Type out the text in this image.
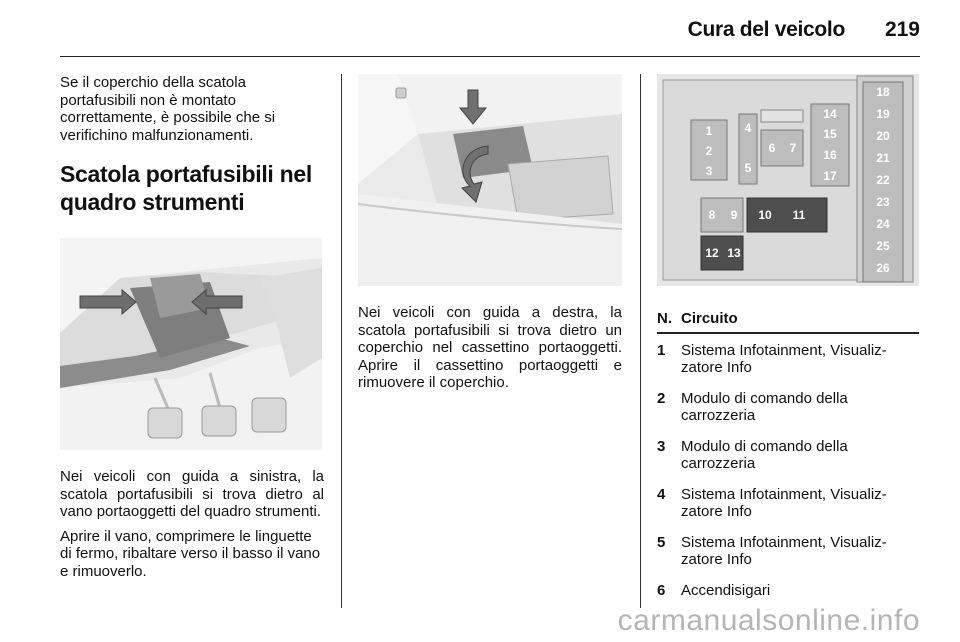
Cura del veicolo 219

Se il coperchio della scatola portafusibili non è montato correttamente, è possibile che si verifichino malfunzionamenti.

Scatola portafusibili nel
quadro strumenti

Nei veicoli con guida a sinistra, la scatola portafusibili si trova dietro al vano portaoggetti del quadro strumenti.

Aprire il vano, comprimere le linguette di fermo, ribaltare verso il basso il vano e rimuoverlo.

Nei veicoli con guida a destra, la scatola portafusibili si trova dietro un coperchio nel cassettino portaoggetti. Aprire il cassettino portaoggetti e rimuovere il coperchio.

1
2
3
4
5
6 7
14
15
16
17
18
19
20
21
22
23
24
25
26
8 9 10 11
12 13
N.	Circuito
1	Sistema Infotainment, Visualiz-
zatore Info

2	Modulo di comando della
carrozzeria

3	Modulo di comando della
carrozzeria

4	Sistema Infotainment, Visualiz-
zatore Info

5	Sistema Infotainment, Visualiz-
zatore Info

6	Accendisigari
carmanualsonline.info
